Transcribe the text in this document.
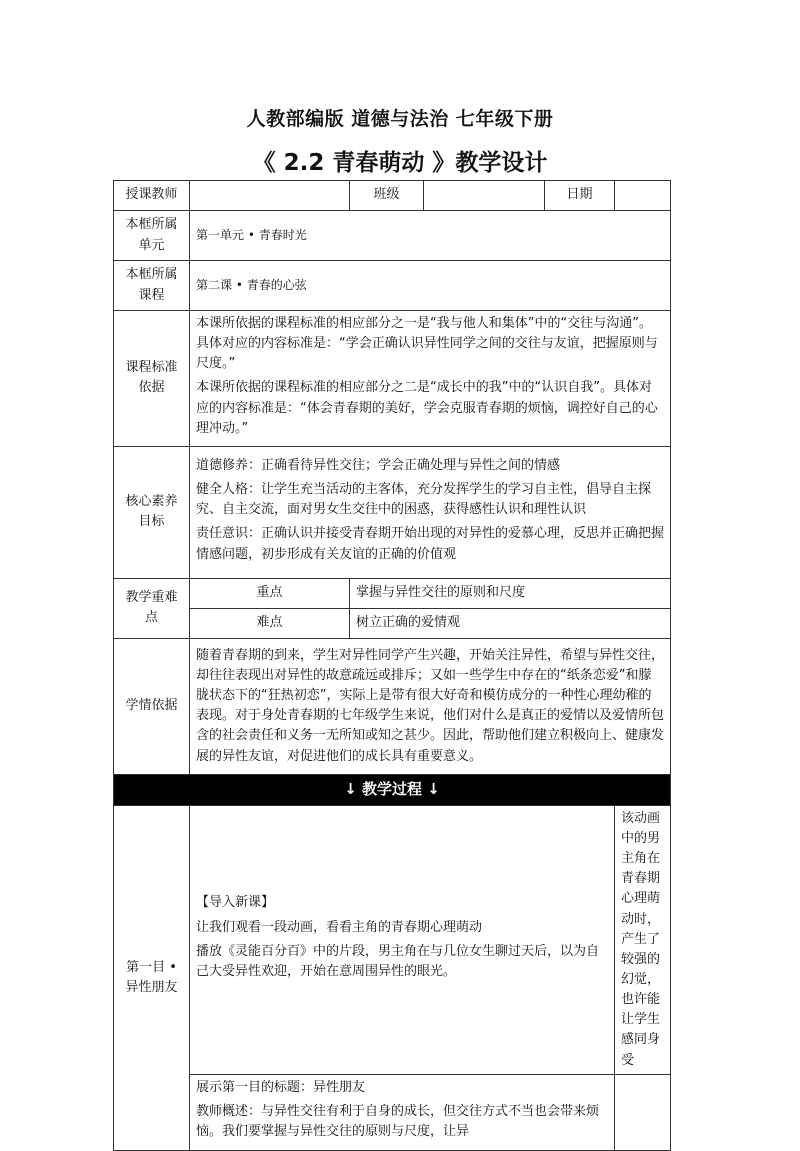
人教部编版 道德与法治 七年级下册
《 2.2 青春萌动 》教学设计
授课教师		班级		日期	
本框所属单元	第一单元 • 青春时光				
本框所属课程	第二课 • 青春的心弦				
课程标准依据	本课所依据的课程标准的相应部分之一是“我与他人和集体”中的“交往与沟通”。具体对应的内容标准是：“学会正确认识异性同学之间的交往与友谊，把握原则与尺度。”

本课所依据的课程标准的相应部分之二是“成长中的我”中的“认识自我”。具体对应的内容标准是：“体会青春期的美好，学会克服青春期的烦恼，调控好自己的心理冲动。”				

核心素养目标	道德修养：正确看待异性交往；学会正确处理与异性之间的情感

健全人格：让学生充当活动的主客体，充分发挥学生的学习自主性，倡导自主探究、自主交流，面对男女生交往中的困惑，获得感性认识和理性认识

责任意识：正确认识并接受青春期开始出现的对异性的爱慕心理，反思并正确把握情感问题，初步形成有关友谊的正确的价值观				

教学重难点	重点	掌握与异性交往的原则和尺度			
	难点	树立正确的爱情观			
学情依据	随着青春期的到来，学生对异性同学产生兴趣，开始关注异性，希望与异性交往，却往往表现出对异性的故意疏远或排斥；又如一些学生中存在的“纸条恋爱”和朦胧状态下的“狂热初恋”，实际上是带有很大好奇和模仿成分的一种性心理幼稚的表现。对于身处青春期的七年级学生来说，他们对什么是真正的爱情以及爱情所包含的社会责任和义务一无所知或知之甚少。因此，帮助他们建立积极向上、健康发展的异性友谊，对促进他们的成长具有重要意义。				
↓ 教学过程 ↓					
第一目 • 异性朋友	【导入新课】

让我们观看一段动画，看看主角的青春期心理萌动

播放《灵能百分百》中的片段，男主角在与几位女生聊过天后，以为自己大受异性欢迎，开始在意周围异性的眼光。				该动画中的男主角在青春期心理萌动时，产生了较强的幻觉，也许能让学生感同身受

	展示第一目的标题：异性朋友

教师概述：与异性交往有利于自身的成长，但交往方式不当也会带来烦恼。我们要掌握与异性交往的原则与尺度，让异				
